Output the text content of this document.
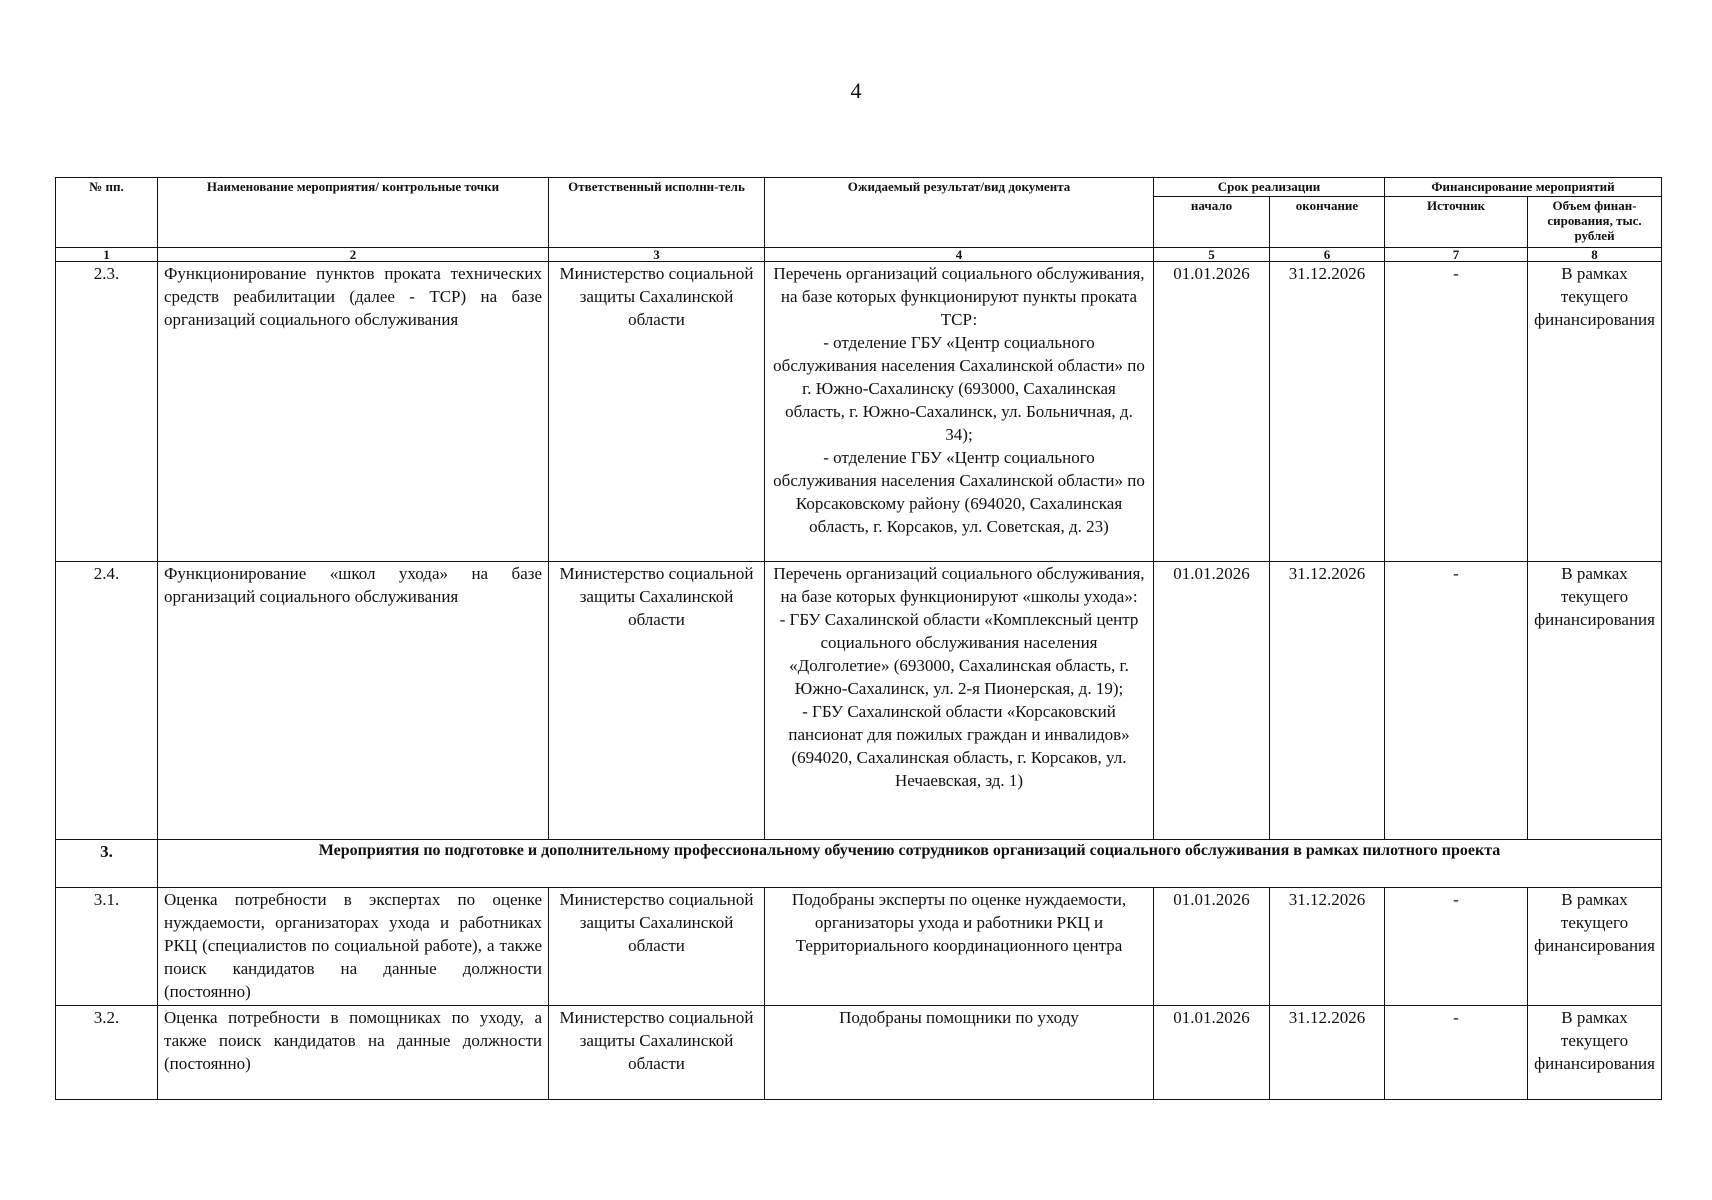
4
№ пп.	Наименование мероприятия/ контрольные точки	Ответственный исполнн-тель	Ожидаемый результат/вид документа	Срок реализации		Финансирование мероприятий	
				начало	окончание	Источник	Объем финан-сирования, тыс. рублей
1	2	3	4	5	6	7	8
2.3.	Функционирование пунктов проката технических средств реабилитации (далее - ТСР) на базе организаций социального обслуживания	Министерство социальной защиты Сахалинской области	Перечень организаций социального обслуживания, на базе которых функционируют пункты проката ТСР:
- отделение ГБУ «Центр социального обслуживания населения Сахалинской области» по г. Южно-Сахалинску (693000, Сахалинская область, г. Южно-Сахалинск, ул. Больничная, д. 34);
- отделение ГБУ «Центр социального обслуживания населения Сахалинской области» по Корсаковскому району (694020, Сахалинская область, г. Корсаков, ул. Советская, д. 23)	01.01.2026	31.12.2026	-	В рамках текущего финансирования
2.4.	Функционирование «школ ухода» на базе организаций социального обслуживания	Министерство социальной защиты Сахалинской области	Перечень организаций социального обслуживания, на базе которых функционируют «школы ухода»:
- ГБУ Сахалинской области «Комплексный центр социального обслуживания населения «Долголетие» (693000, Сахалинская область, г. Южно-Сахалинск, ул. 2-я Пионерская, д. 19);
- ГБУ Сахалинской области «Корсаковский пансионат для пожилых граждан и инвалидов» (694020, Сахалинская область, г. Корсаков, ул. Нечаевская, зд. 1)	01.01.2026	31.12.2026	-	В рамках текущего финансирования
3.	Мероприятия по подготовке и дополнительному профессиональному обучению сотрудников организаций социального обслуживания в рамках пилотного проекта						
3.1.	Оценка потребности в экспертах по оценке нуждаемости, организаторах ухода и работниках РКЦ (специалистов по социальной работе), а также поиск кандидатов на данные должности (постоянно)	Министерство социальной защиты Сахалинской области	Подобраны эксперты по оценке нуждаемости, организаторы ухода и работники РКЦ и Территориального координационного центра	01.01.2026	31.12.2026	-	В рамках текущего финансирования
3.2.	Оценка потребности в помощниках по уходу, а также поиск кандидатов на данные должности (постоянно)	Министерство социальной защиты Сахалинской области	Подобраны помощники по уходу	01.01.2026	31.12.2026	-	В рамках текущего финансирования
